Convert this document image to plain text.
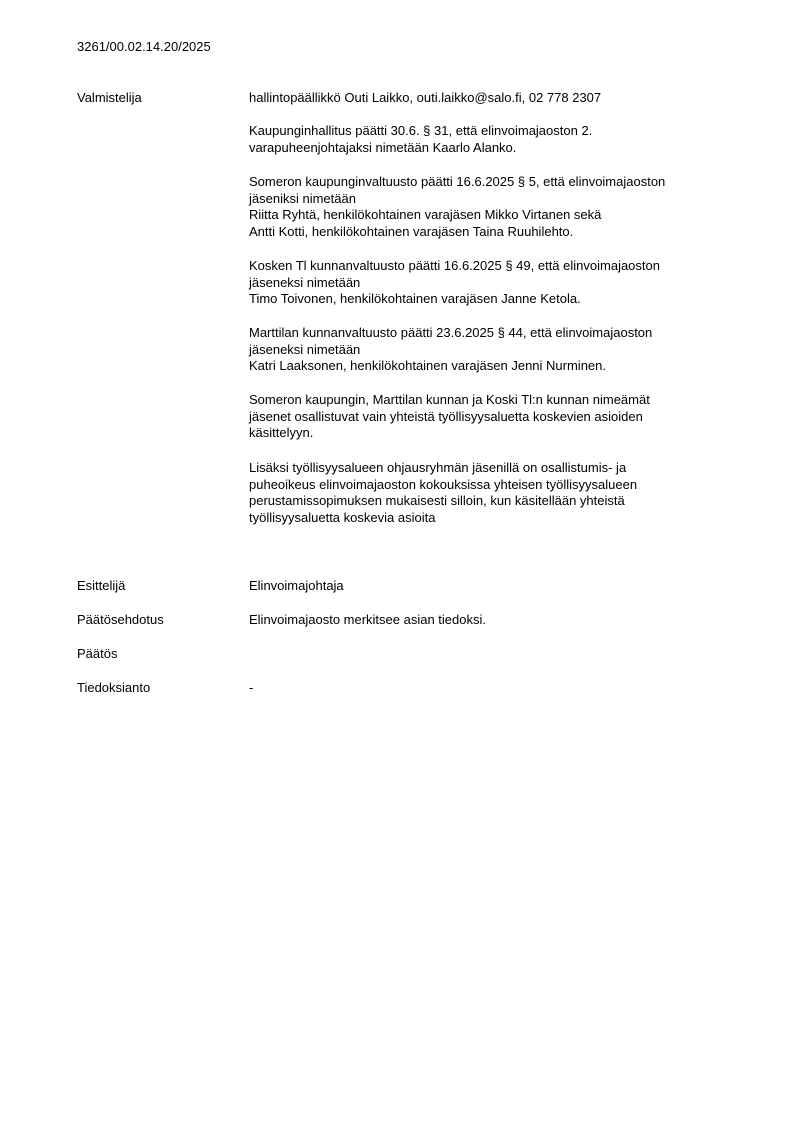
3261/00.02.14.20/2025
Valmistelija	hallintopäällikkö Outi Laikko, outi.laikko@salo.fi, 02 778 2307
Kaupunginhallitus päätti 30.6. § 31, että elinvoimajaoston 2.
varapuheenjohtajaksi nimetään Kaarlo Alanko.
Someron kaupunginvaltuusto päätti 16.6.2025 § 5, että elinvoimajaoston
jäseniksi nimetään
Riitta Ryhtä, henkilökohtainen varajäsen Mikko Virtanen sekä
Antti Kotti, henkilökohtainen varajäsen Taina Ruuhilehto.
Kosken Tl kunnanvaltuusto päätti 16.6.2025 § 49, että elinvoimajaoston
jäseneksi nimetään
Timo Toivonen, henkilökohtainen varajäsen Janne Ketola.
Marttilan kunnanvaltuusto päätti 23.6.2025 § 44, että elinvoimajaoston
jäseneksi nimetään
Katri Laaksonen, henkilökohtainen varajäsen Jenni Nurminen.
Someron kaupungin, Marttilan kunnan ja Koski Tl:n kunnan nimeämät
jäsenet osallistuvat vain yhteistä työllisyysaluetta koskevien asioiden
käsittelyyn.
Lisäksi työllisyysalueen ohjausryhmän jäsenillä on osallistumis- ja
puheoikeus elinvoimajaoston kokouksissa yhteisen työllisyysalueen
perustamissopimuksen mukaisesti silloin, kun käsitellään yhteistä
työllisyysaluetta koskevia asioita
Esittelijä	Elinvoimajohtaja
Päätösehdotus	Elinvoimajaosto merkitsee asian tiedoksi.
Päätös
Tiedoksianto	-
